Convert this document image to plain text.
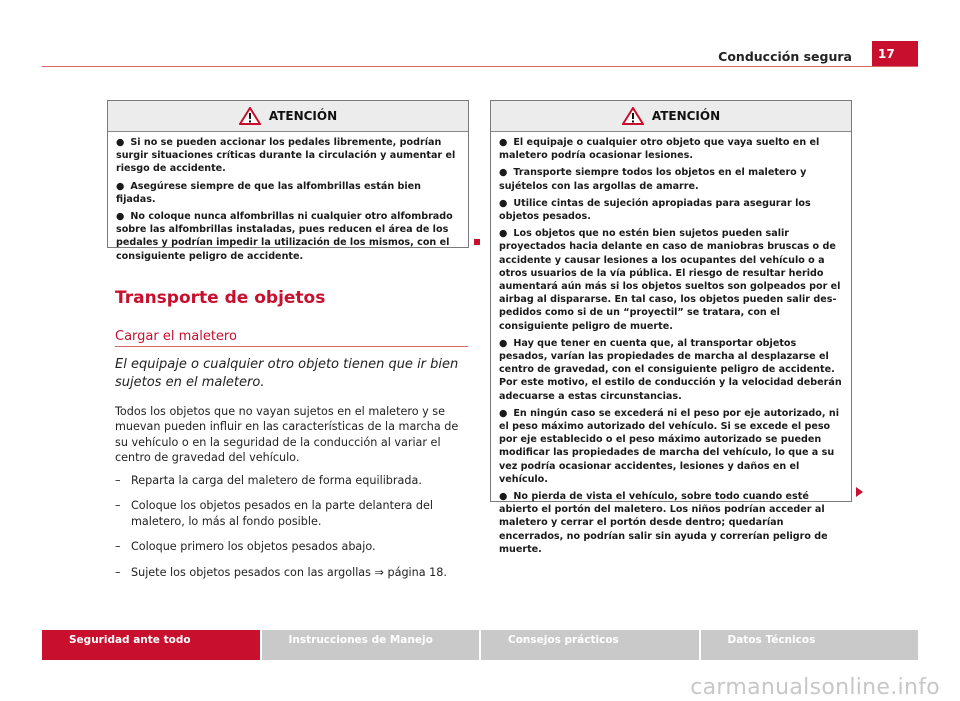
Conducción segura	17
ATENCIÓN

● Si no se pueden accionar los pedales libremente, podrían surgir situaciones críticas durante la circulación y aumentar el riesgo de accidente.

● Asegúrese siempre de que las alfombrillas están bien fijadas.

● No coloque nunca alfombrillas ni cualquier otro alfombrado sobre las alfombrillas instaladas, pues reducen el área de los pedales y podrían impedir la utilización de los mismos, con el consiguiente peligro de accidente.

ATENCIÓN

● El equipaje o cualquier otro objeto que vaya suelto en el maletero podría ocasionar lesiones.

● Transporte siempre todos los objetos en el maletero y sujételos con las argollas de amarre.

● Utilice cintas de sujeción apropiadas para asegurar los objetos pesados.

● Los objetos que no estén bien sujetos pueden salir proyectados hacia delante en caso de maniobras bruscas o de accidente y causar lesiones a los ocupantes del vehículo o a otros usuarios de la vía pública. El riesgo de resultar herido aumentará aún más si los objetos sueltos son golpeados por el airbag al dispararse. En tal caso, los objetos pueden salir despedidos como si de un “proyectil” se tratara, con el consiguiente peligro de muerte.

● Hay que tener en cuenta que, al transportar objetos pesados, varían las propiedades de marcha al desplazarse el centro de gravedad, con el consiguiente peligro de accidente. Por este motivo, el estilo de conducción y la velocidad deberán adecuarse a estas circunstancias.

● En ningún caso se excederá ni el peso por eje autorizado, ni el peso máximo autorizado del vehículo. Si se excede el peso por eje establecido o el peso máximo autorizado se pueden modificar las propiedades de marcha del vehículo, lo que a su vez podría ocasionar accidentes, lesiones y daños en el vehículo.

● No pierda de vista el vehículo, sobre todo cuando esté abierto el portón del maletero. Los niños podrían acceder al maletero y cerrar el portón desde dentro; quedarían encerrados, no podrían salir sin ayuda y correrían peligro de muerte.

Transporte de objetos
Cargar el maletero
El equipaje o cualquier otro objeto tienen que ir bien sujetos en el maletero.
Todos los objetos que no vayan sujetos en el maletero y se muevan pueden influir en las características de la marcha de su vehículo o en la seguridad de la conducción al variar el centro de gravedad del vehículo.
– Reparta la carga del maletero de forma equilibrada.
– Coloque los objetos pesados en la parte delantera del maletero, lo más al fondo posible.
– Coloque primero los objetos pesados abajo.
– Sujete los objetos pesados con las argollas ⇒ página 18.
Seguridad ante todo	Instrucciones de Manejo	Consejos prácticos	Datos Técnicos
carmanualsonline.info
